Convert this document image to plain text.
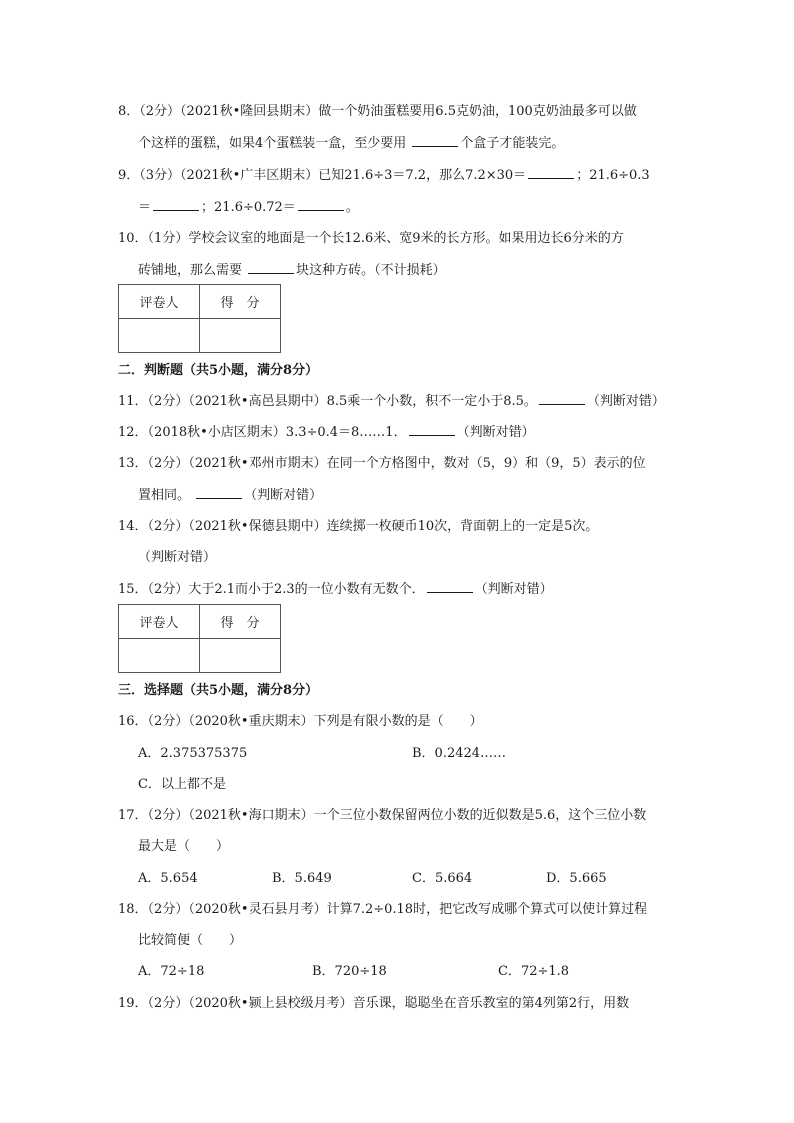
8．（2分）（2021秋•隆回县期末）做一个奶油蛋糕要用6.5克奶油，100克奶油最多可以做
个这样的蛋糕，如果4个蛋糕装一盒，至少要用	个盒子才能装完。
9．（3分）（2021秋•广丰区期末）已知21.6÷3＝7.2，那么7.2×30＝	；21.6÷0.3
＝	；21.6÷0.72＝	。
10．（1分）学校会议室的地面是一个长12.6米、宽9米的长方形。如果用边长6分米的方
砖铺地，那么需要	块这种方砖。（不计损耗）
评卷人	得　分

二．判断题（共5小题，满分8分）
11．（2分）（2021秋•高邑县期中）8.5乘一个小数，积不一定小于8.5。	（判断对错）
12．（2018秋•小店区期末）3.3÷0.4＝8……1．	（判断对错）
13．（2分）（2021秋•邓州市期末）在同一个方格图中，数对（5，9）和（9，5）表示的位
置相同。	（判断对错）
14．（2分）（2021秋•保德县期中）连续掷一枚硬币10次，背面朝上的一定是5次。
（判断对错）
15．（2分）大于2.1而小于2.3的一位小数有无数个．	（判断对错）
评卷人	得　分

三．选择题（共5小题，满分8分）
16．（2分）（2020秋•重庆期末）下列是有限小数的是（　　）
A．2.375375375	B．0.2424……
C．以上都不是
17．（2分）（2021秋•海口期末）一个三位小数保留两位小数的近似数是5.6，这个三位小数
最大是（　　）
A．5.654	B．5.649	C．5.664	D．5.665
18．（2分）（2020秋•灵石县月考）计算7.2÷0.18时，把它改写成哪个算式可以使计算过程
比较简便（　　）
A．72÷18	B．720÷18	C．72÷1.8
19．（2分）（2020秋•颍上县校级月考）音乐课，聪聪坐在音乐教室的第4列第2行，用数
